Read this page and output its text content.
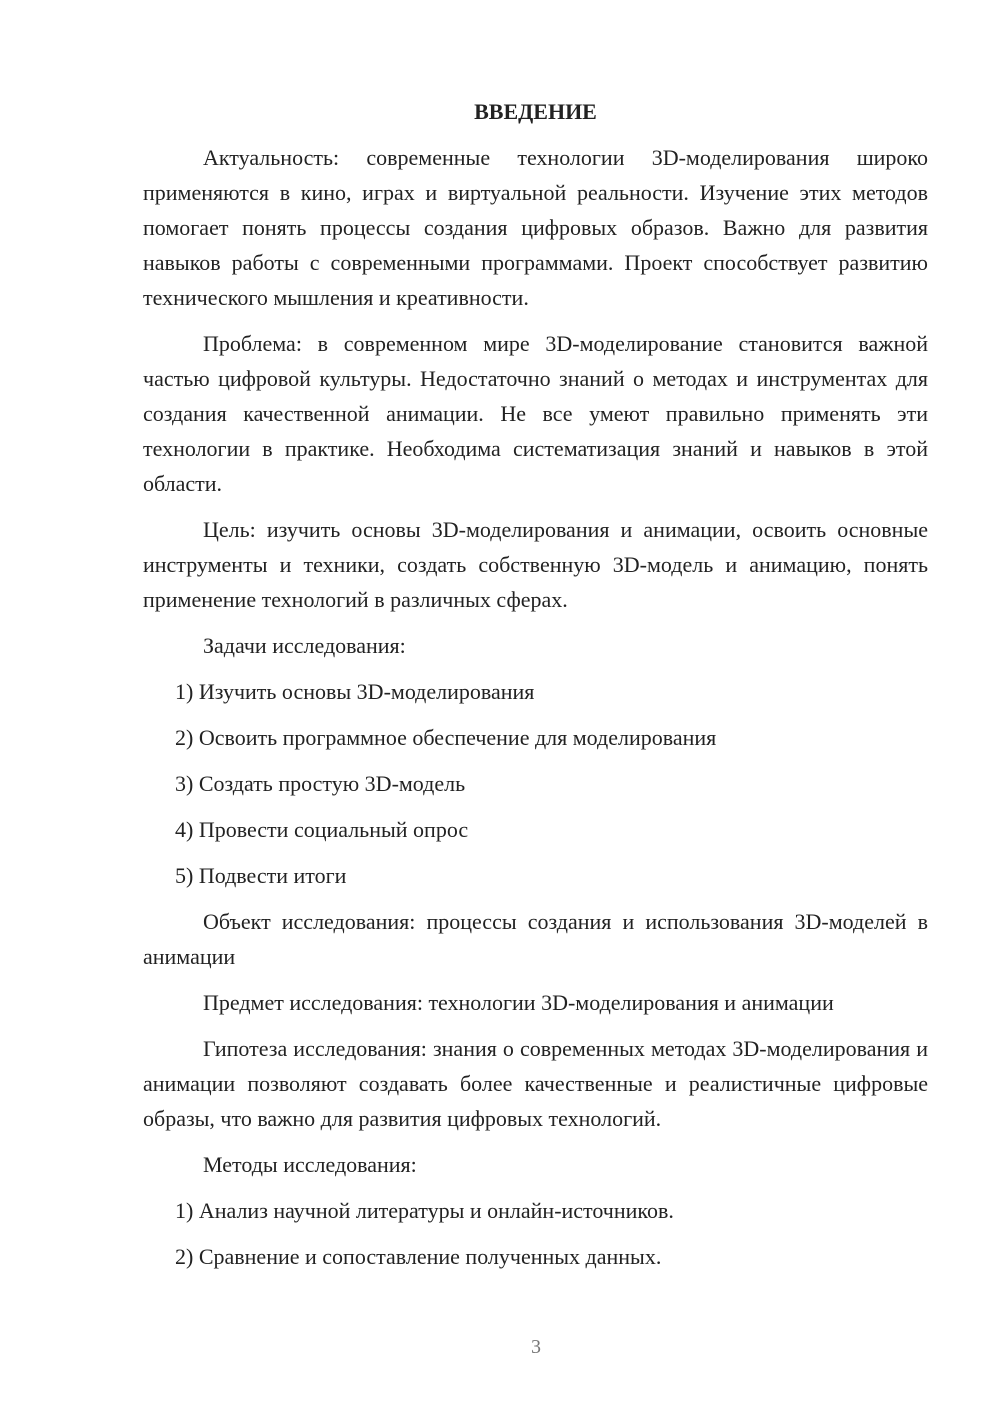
ВВЕДЕНИЕ
Актуальность: современные технологии 3D-моделирования широко применяются в кино, играх и виртуальной реальности. Изучение этих методов помогает понять процессы создания цифровых образов. Важно для развития навыков работы с современными программами. Проект способствует развитию технического мышления и креативности.
Проблема: в современном мире 3D-моделирование становится важной частью цифровой культуры. Недостаточно знаний о методах и инструментах для создания качественной анимации. Не все умеют правильно применять эти технологии в практике. Необходима систематизация знаний и навыков в этой области.
Цель: изучить основы 3D-моделирования и анимации, освоить основные инструменты и техники, создать собственную 3D-модель и анимацию, понять применение технологий в различных сферах.
Задачи исследования:
1) Изучить основы 3D-моделирования
2) Освоить программное обеспечение для моделирования
3) Создать простую 3D-модель
4) Провести социальный опрос
5) Подвести итоги
Объект исследования: процессы создания и использования 3D-моделей в анимации
Предмет исследования: технологии 3D-моделирования и анимации
Гипотеза исследования: знания о современных методах 3D-моделирования и анимации позволяют создавать более качественные и реалистичные цифровые образы, что важно для развития цифровых технологий.
Методы исследования:
1) Анализ научной литературы и онлайн-источников.
2) Сравнение и сопоставление полученных данных.
3
